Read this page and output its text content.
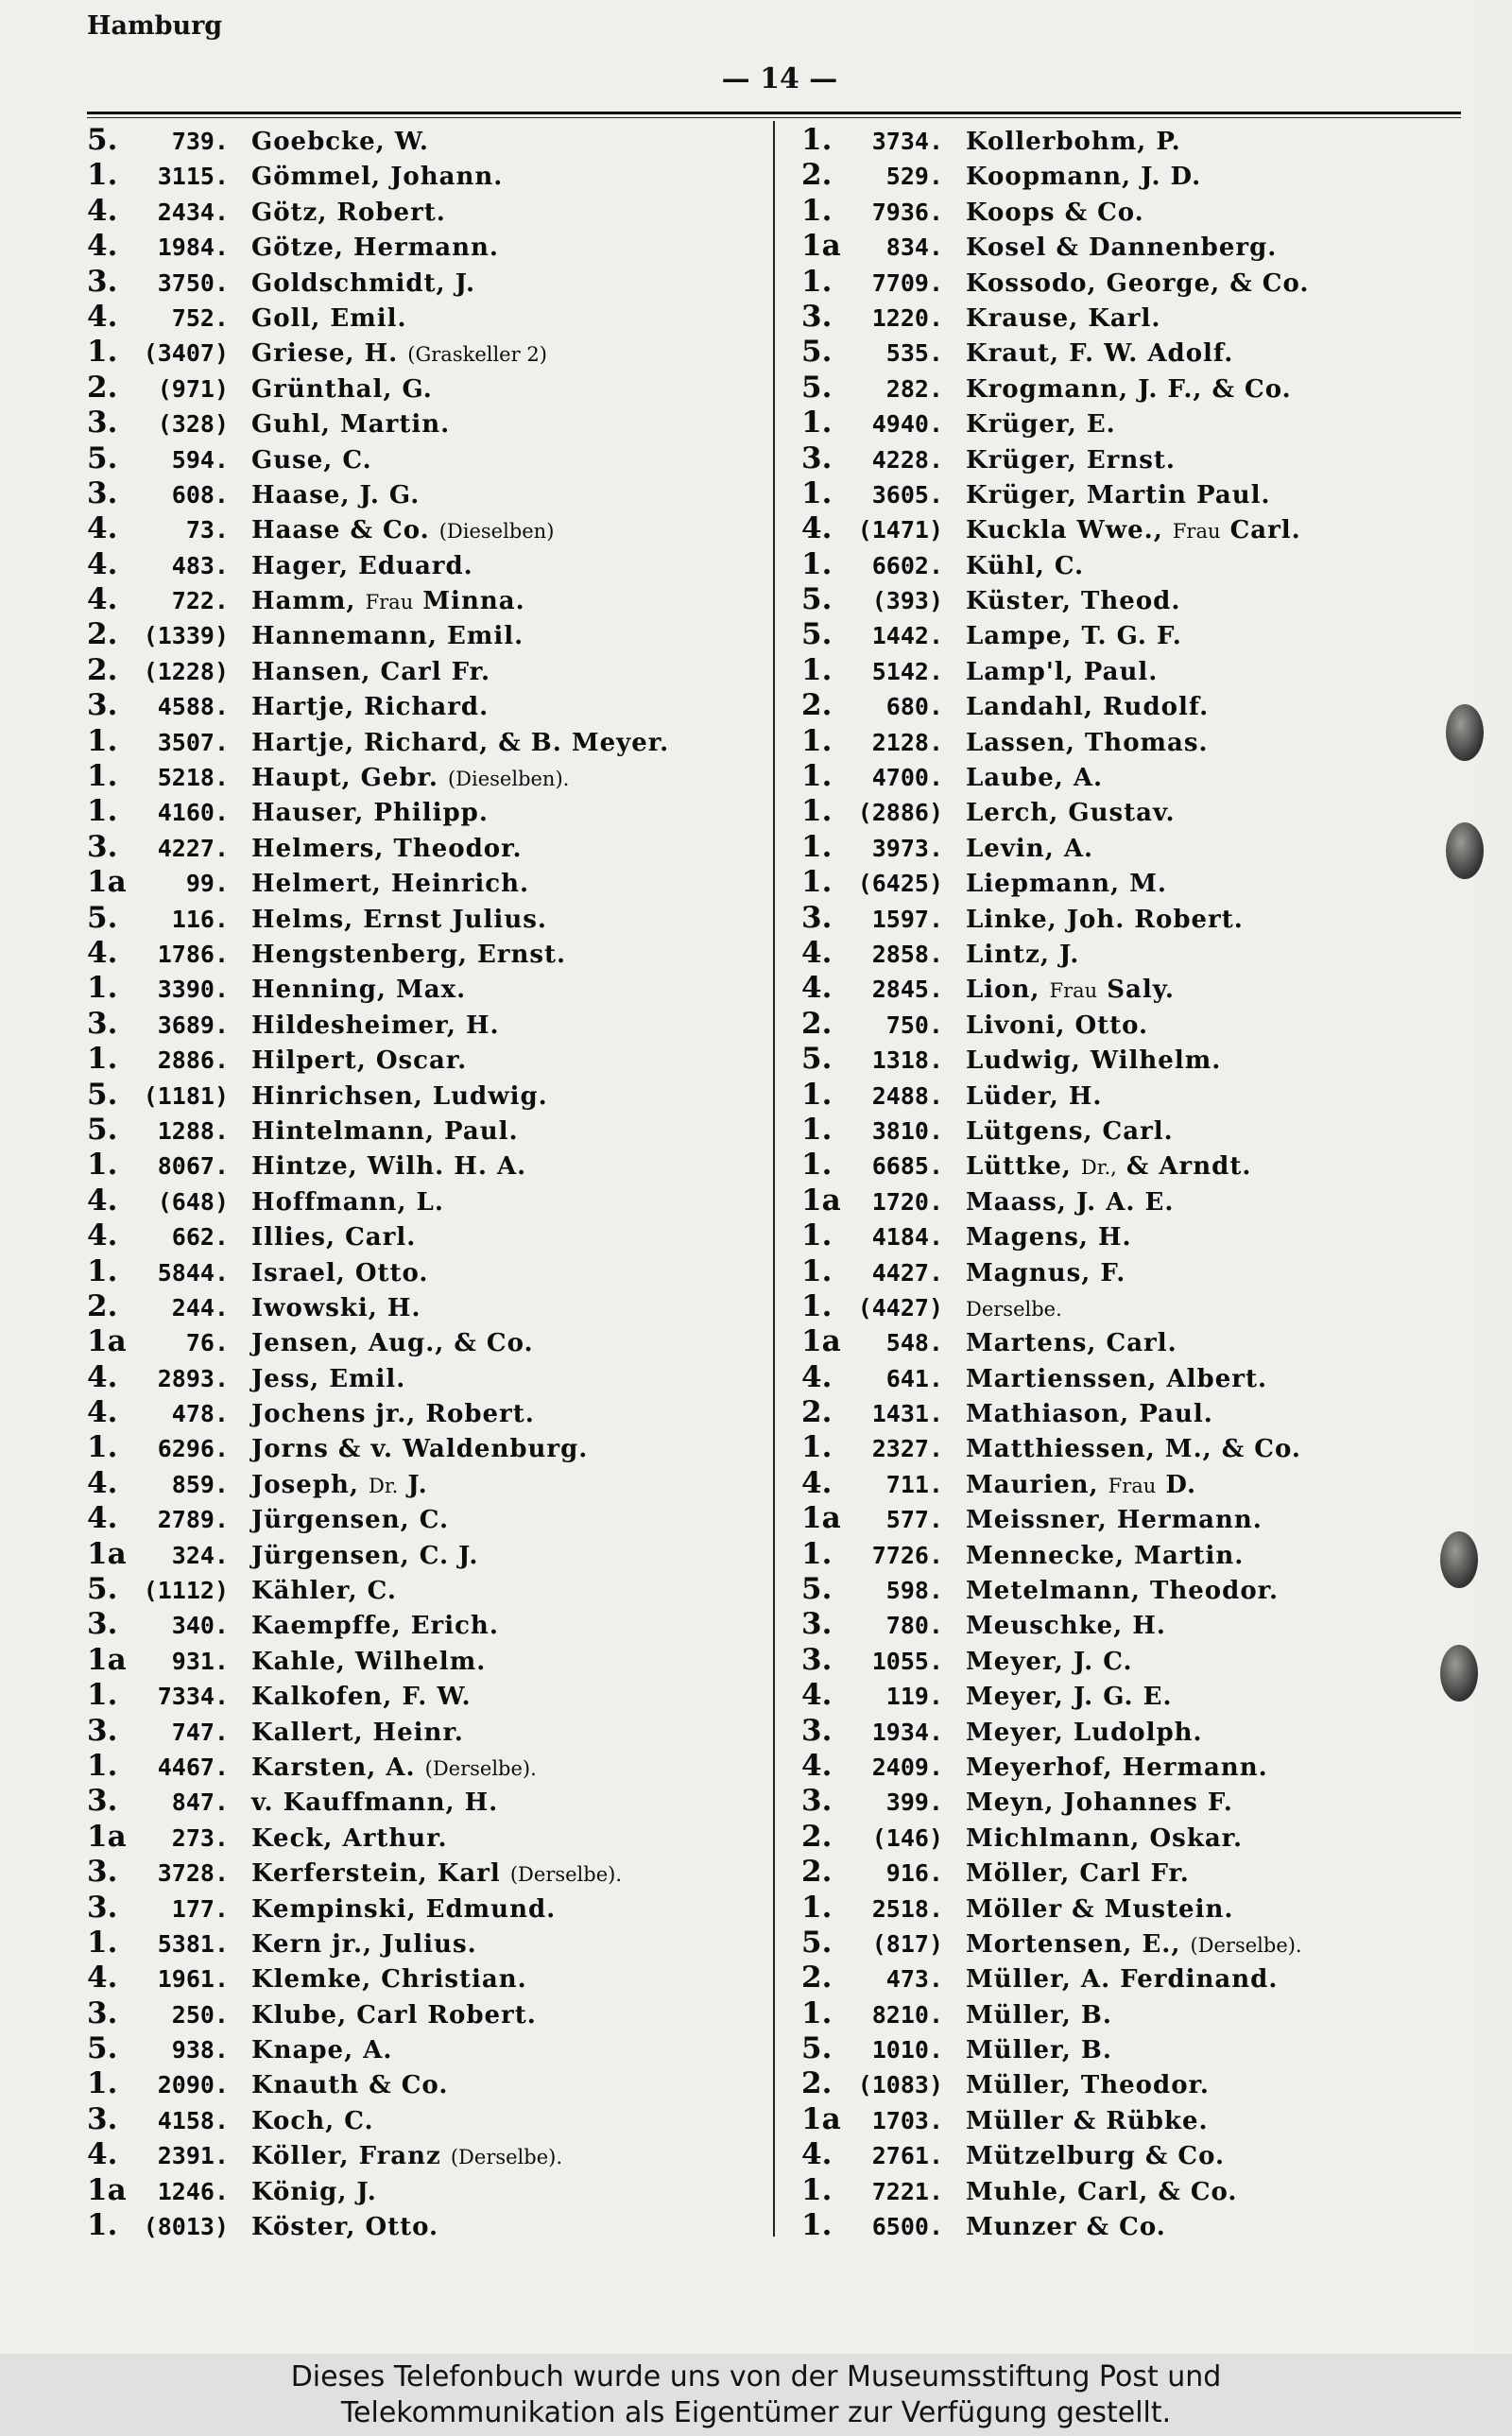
Hamburg
— 14 —
5. 739. Goebcke, W.
1. 3115. Gömmel, Johann.
4. 2434. Götz, Robert.
4. 1984. Götze, Hermann.
3. 3750. Goldschmidt, J.
4. 752. Goll, Emil.
1. (3407) Griese, H. (Graskeller 2)
2. (971) Grünthal, G.
3. (328) Guhl, Martin.
5. 594. Guse, C.
3. 608. Haase, J. G.
4.	73. Haase & Co. (Dieselben)
4. 483. Hager, Eduard.
4. 722. Hamm, Frau Minna.
2. (1339) Hannemann, Emil.
2. (1228) Hansen, Carl Fr.
3. 4588. Hartje, Richard.
1. 3507. Hartje, Richard, & B. Meyer.
1. 5218. Haupt, Gebr. (Dieselben).
1. 4160. Hauser, Philipp.
3. 4227. Helmers, Theodor.
1a	99. Helmert, Heinrich.
5. 116. Helms, Ernst Julius.
4. 1786. Hengstenberg, Ernst.
1. 3390. Henning, Max.
3. 3689. Hildesheimer, H.
1. 2886. Hilpert, Oscar.
5. (1181) Hinrichsen, Ludwig.
5. 1288. Hintelmann, Paul.
1. 8067. Hintze, Wilh. H. A.
4. (648) Hoffmann, L.
4. 662. Illies, Carl.
1. 5844. Israel, Otto.
2. 244. Iwowski, H.
1a	76. Jensen, Aug., & Co.
4. 2893. Jess, Emil.
4. 478. Jochens jr., Robert.
1. 6296. Jorns & v. Waldenburg.
4. 859. Joseph, Dr. J.
4. 2789. Jürgensen, C.
1a 324. Jürgensen, C. J.
5. (1112) Kähler, C.
3. 340. Kaempffe, Erich.
1a 931. Kahle, Wilhelm.
1. 7334. Kalkofen, F. W.
3. 747. Kallert, Heinr.
1. 4467. Karsten, A. (Derselbe).
3. 847. v. Kauffmann, H.
1a 273. Keck, Arthur.
3. 3728. Kerferstein, Karl (Derselbe).
3. 177. Kempinski, Edmund.
1. 5381. Kern jr., Julius.
4. 1961. Klemke, Christian.
3. 250. Klube, Carl Robert.
5. 938. Knape, A.
1. 2090. Knauth & Co.
3. 4158. Koch, C.
4. 2391. Köller, Franz (Derselbe).
1a 1246. König, J.
1. (8013) Köster, Otto.
1. 3734. Kollerbohm, P.
2. 529. Koopmann, J. D.
1. 7936. Koops & Co.
1a 834. Kosel & Dannenberg.
1. 7709. Kossodo, George, & Co.
3. 1220. Krause, Karl.
5. 535. Kraut, F. W. Adolf.
5. 282. Krogmann, J. F., & Co.
1. 4940. Krüger, E.
3. 4228. Krüger, Ernst.
1. 3605. Krüger, Martin Paul.
4. (1471) Kuckla Wwe., Frau Carl.
1. 6602. Kühl, C.
5. (393) Küster, Theod.
5. 1442. Lampe, T. G. F.
1. 5142. Lamp'l, Paul.
2. 680. Landahl, Rudolf.
1. 2128. Lassen, Thomas.
1. 4700. Laube, A.
1. (2886) Lerch, Gustav.
1. 3973. Levin, A.
1. (6425) Liepmann, M.
3. 1597. Linke, Joh. Robert.
4. 2858. Lintz, J.
4. 2845. Lion, Frau Saly.
2. 750. Livoni, Otto.
5. 1318. Ludwig, Wilhelm.
1. 2488. Lüder, H.
1. 3810. Lütgens, Carl.
1. 6685. Lüttke, Dr., & Arndt.
1a 1720. Maass, J. A. E.
1. 4184. Magens, H.
1. 4427. Magnus, F.
1. (4427) Derselbe.
1a 548. Martens, Carl.
4. 641. Martienssen, Albert.
2. 1431. Mathiason, Paul.
1. 2327. Matthiessen, M., & Co.
4. 711. Maurien, Frau D.
1a 577. Meissner, Hermann.
1. 7726. Mennecke, Martin.
5. 598. Metelmann, Theodor.
3. 780. Meuschke, H.
3. 1055. Meyer, J. C.
4. 119. Meyer, J. G. E.
3. 1934. Meyer, Ludolph.
4. 2409. Meyerhof, Hermann.
3. 399. Meyn, Johannes F.
2. (146) Michlmann, Oskar.
2. 916. Möller, Carl Fr.
1. 2518. Möller & Mustein.
5. (817) Mortensen, E., (Derselbe).
2. 473. Müller, A. Ferdinand.
1. 8210. Müller, B.
5. 1010. Müller, B.
2. (1083) Müller, Theodor.
1a 1703. Müller & Rübke.
4. 2761. Mützelburg & Co.
1. 7221. Muhle, Carl, & Co.
1. 6500. Munzer & Co.
Dieses Telefonbuch wurde uns von der Museumsstiftung Post und
Telekommunikation als Eigentümer zur Verfügung gestellt.
